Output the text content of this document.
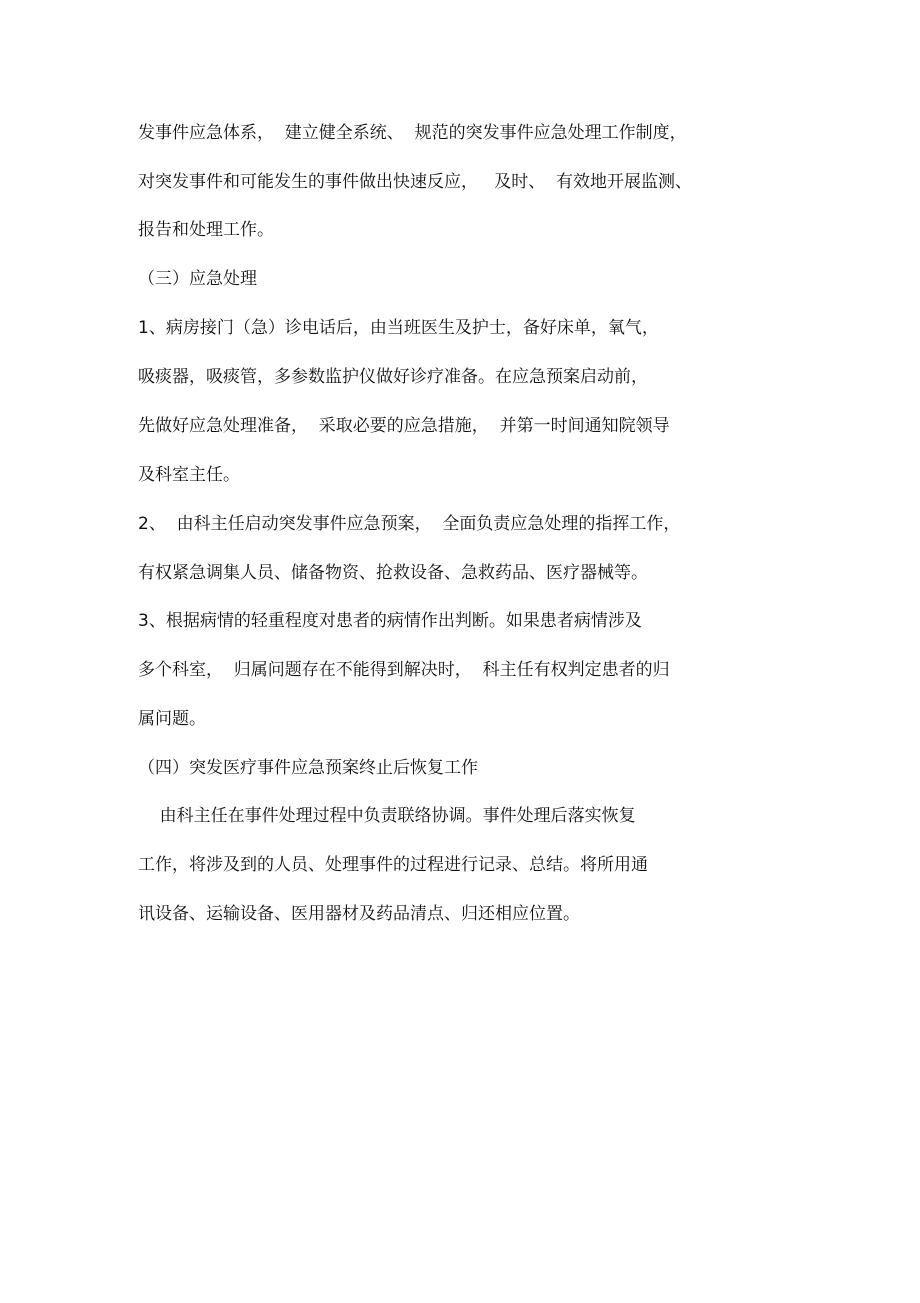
发事件应急体系，  建立健全系统、  规范的突发事件应急处理工作制度，
对突发事件和可能发生的事件做出快速反应，   及时、  有效地开展监测、
报告和处理工作。
（三）应急处理
1、病房接门（急）诊电话后，由当班医生及护士，备好床单，氧气，
吸痰器，吸痰管，多参数监护仪做好诊疗准备。在应急预案启动前，
先做好应急处理准备，  采取必要的应急措施，  并第一时间通知院领导
及科室主任。
2、  由科主任启动突发事件应急预案，  全面负责应急处理的指挥工作，
有权紧急调集人员、储备物资、抢救设备、急救药品、医疗器械等。
3、根据病情的轻重程度对患者的病情作出判断。如果患者病情涉及
多个科室，  归属问题存在不能得到解决时，  科主任有权判定患者的归
属问题。
（四）突发医疗事件应急预案终止后恢复工作
由科主任在事件处理过程中负责联络协调。事件处理后落实恢复
工作，将涉及到的人员、处理事件的过程进行记录、总结。将所用通
讯设备、运输设备、医用器材及药品清点、归还相应位置。
